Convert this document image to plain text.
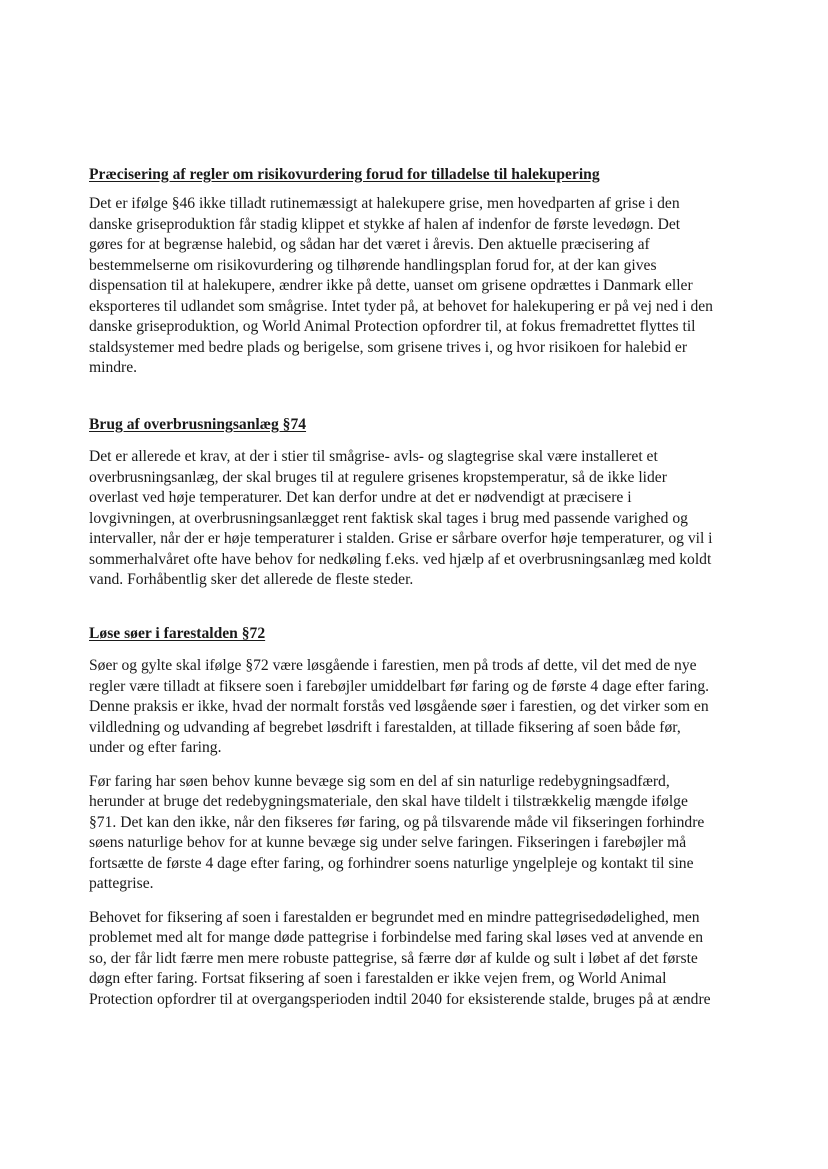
Præcisering af regler om risikovurdering forud for tilladelse til halekupering

Det er ifølge §46 ikke tilladt rutinemæssigt at halekupere grise, men hovedparten af grise i den
danske griseproduktion får stadig klippet et stykke af halen af indenfor de første levedøgn. Det
gøres for at begrænse halebid, og sådan har det været i årevis. Den aktuelle præcisering af
bestemmelserne om risikovurdering og tilhørende handlingsplan forud for, at der kan gives
dispensation til at halekupere, ændrer ikke på dette, uanset om grisene opdrættes i Danmark eller
eksporteres til udlandet som smågrise. Intet tyder på, at behovet for halekupering er på vej ned i den
danske griseproduktion, og World Animal Protection opfordrer til, at fokus fremadrettet flyttes til
staldsystemer med bedre plads og berigelse, som grisene trives i, og hvor risikoen for halebid er
mindre.

Brug af overbrusningsanlæg §74

Det er allerede et krav, at der i stier til smågrise- avls- og slagtegrise skal være installeret et
overbrusningsanlæg, der skal bruges til at regulere grisenes kropstemperatur, så de ikke lider
overlast ved høje temperaturer. Det kan derfor undre at det er nødvendigt at præcisere i
lovgivningen, at overbrusningsanlægget rent faktisk skal tages i brug med passende varighed og
intervaller, når der er høje temperaturer i stalden. Grise er sårbare overfor høje temperaturer, og vil i
sommerhalvåret ofte have behov for nedkøling f.eks. ved hjælp af et overbrusningsanlæg med koldt
vand. Forhåbentlig sker det allerede de fleste steder.

Løse søer i farestalden §72

Søer og gylte skal ifølge §72 være løsgående i farestien, men på trods af dette, vil det med de nye
regler være tilladt at fiksere soen i farebøjler umiddelbart før faring og de første 4 dage efter faring.
Denne praksis er ikke, hvad der normalt forstås ved løsgående søer i farestien, og det virker som en
vildledning og udvanding af begrebet løsdrift i farestalden, at tillade fiksering af soen både før,
under og efter faring.

Før faring har søen behov kunne bevæge sig som en del af sin naturlige redebygningsadfærd,
herunder at bruge det redebygningsmateriale, den skal have tildelt i tilstrækkelig mængde ifølge
§71. Det kan den ikke, når den fikseres før faring, og på tilsvarende måde vil fikseringen forhindre
søens naturlige behov for at kunne bevæge sig under selve faringen. Fikseringen i farebøjler må
fortsætte de første 4 dage efter faring, og forhindrer soens naturlige yngelpleje og kontakt til sine
pattegrise.

Behovet for fiksering af soen i farestalden er begrundet med en mindre pattegrisedødelighed, men
problemet med alt for mange døde pattegrise i forbindelse med faring skal løses ved at anvende en
so, der får lidt færre men mere robuste pattegrise, så færre dør af kulde og sult i løbet af det første
døgn efter faring. Fortsat fiksering af soen i farestalden er ikke vejen frem, og World Animal
Protection opfordrer til at overgangsperioden indtil 2040 for eksisterende stalde, bruges på at ændre
